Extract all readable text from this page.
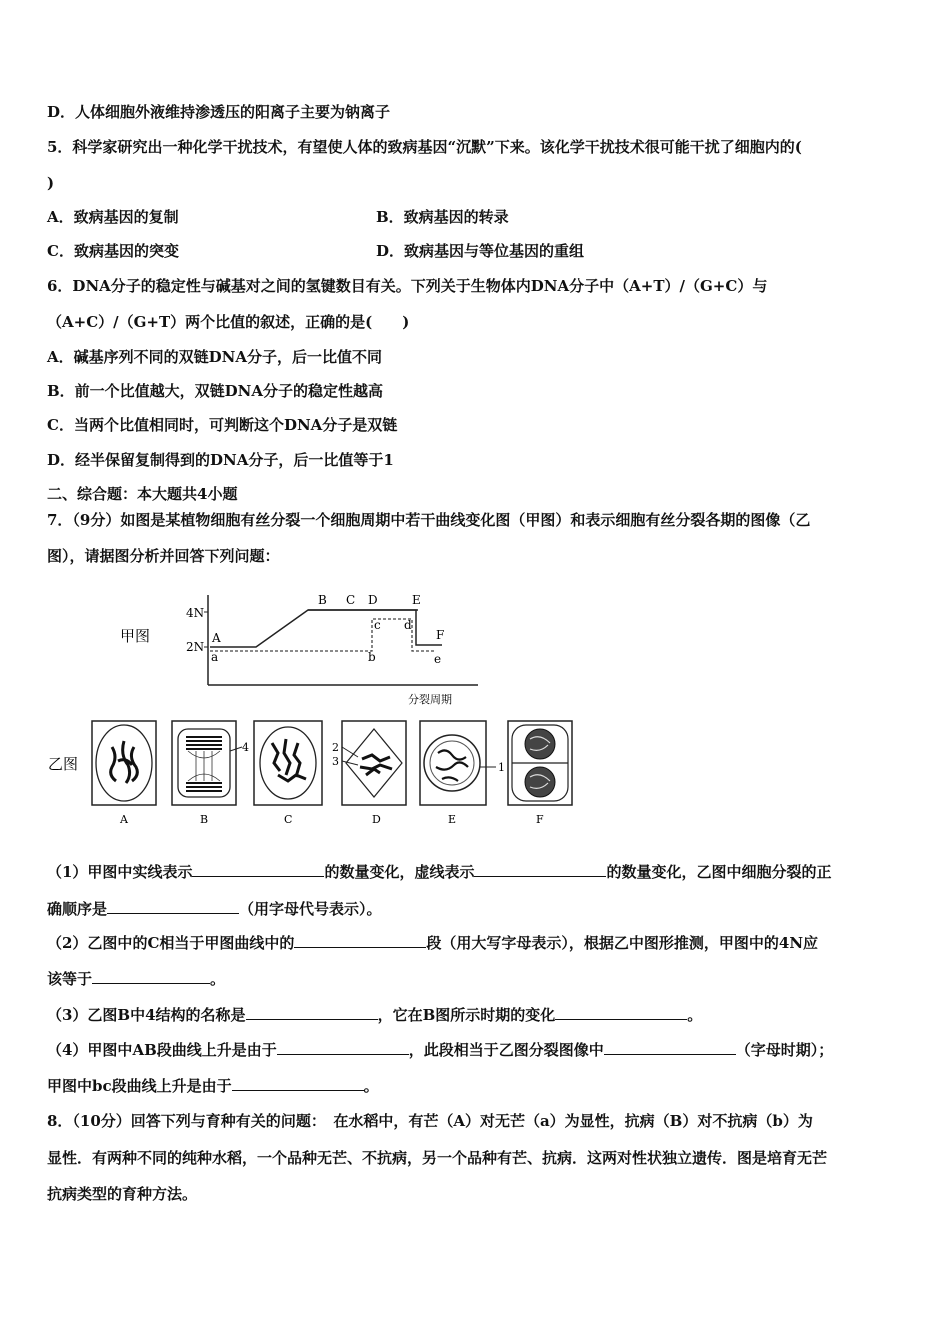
D．人体细胞外液维持渗透压的阳离子主要为钠离子
5．科学家研究出一种化学干扰技术，有望使人体的致病基因“沉默”下来。该化学干扰技术很可能干扰了细胞内的(
)
A．致病基因的复制	B．致病基因的转录
C．致病基因的突变	D．致病基因与等位基因的重组
6．DNA分子的稳定性与碱基对之间的氢键数目有关。下列关于生物体内DNA分子中（A+T）/（G+C）与
（A+C）/（G+T）两个比值的叙述，正确的是(　　)
A．碱基序列不同的双链DNA分子，后一比值不同
B．前一个比值越大，双链DNA分子的稳定性越高
C．当两个比值相同时，可判断这个DNA分子是双链
D．经半保留复制得到的DNA分子，后一比值等于1
二、综合题：本大题共4小题
7．（9分）如图是某植物细胞有丝分裂一个细胞周期中若干曲线变化图（甲图）和表示细胞有丝分裂各期的图像（乙
图），请据图分析并回答下列问题：
甲图
4N
2N
A
B C D	E
F
a	b
c d
e
分裂周期
乙图
A
4
B	C
2
3
D
1
E	F
（1）甲图中实线表示	的数量变化，虚线表示	的数量变化，乙图中细胞分裂的正
确顺序是	（用字母代号表示）。
（2）乙图中的C相当于甲图曲线中的	段（用大写字母表示），根据乙中图形推测，甲图中的4N应
该等于	。
（3）乙图B中4结构的名称是	，它在B图所示时期的变化	。
（4）甲图中AB段曲线上升是由于	，此段相当于乙图分裂图像中	（字母时期）；
甲图中bc段曲线上升是由于	。
8．（10分）回答下列与育种有关的问题：　在水稻中，有芒（A）对无芒（a）为显性，抗病（B）对不抗病（b）为
显性．有两种不同的纯种水稻，一个品种无芒、不抗病，另一个品种有芒、抗病．这两对性状独立遗传．图是培育无芒
抗病类型的育种方法。
